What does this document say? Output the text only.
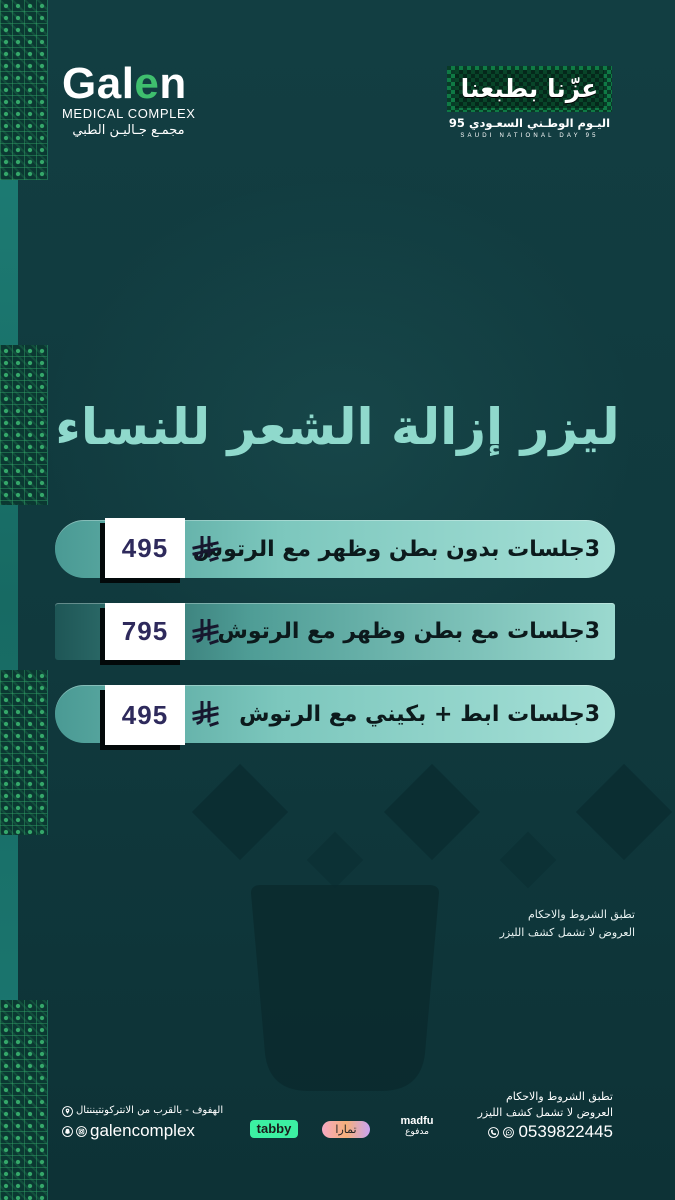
Galen
MEDICAL COMPLEX
مجمـع جـاليـن الطبي
عزّنا بطبعنا
اليـوم الوطـني السعـودي 95
SAUDI NATIONAL DAY 95
ليزر إزالة الشعر للنساء
3جلسات بدون بطن وظهر مع الرتوش
495
3جلسات مع بطن وظهر مع الرتوش
795
3جلسات ابط + بكيني مع الرتوش
495
تطبق الشروط والاحكام
العروض لا تشمل كشف الليزر
تطبق الشروط والاحكام
العروض لا تشمل كشف الليزر
0539822445
tabby	تمارا
madfu
مدفوع
الهفوف - بالقرب من الانتركونتيننتال
galencomplex
